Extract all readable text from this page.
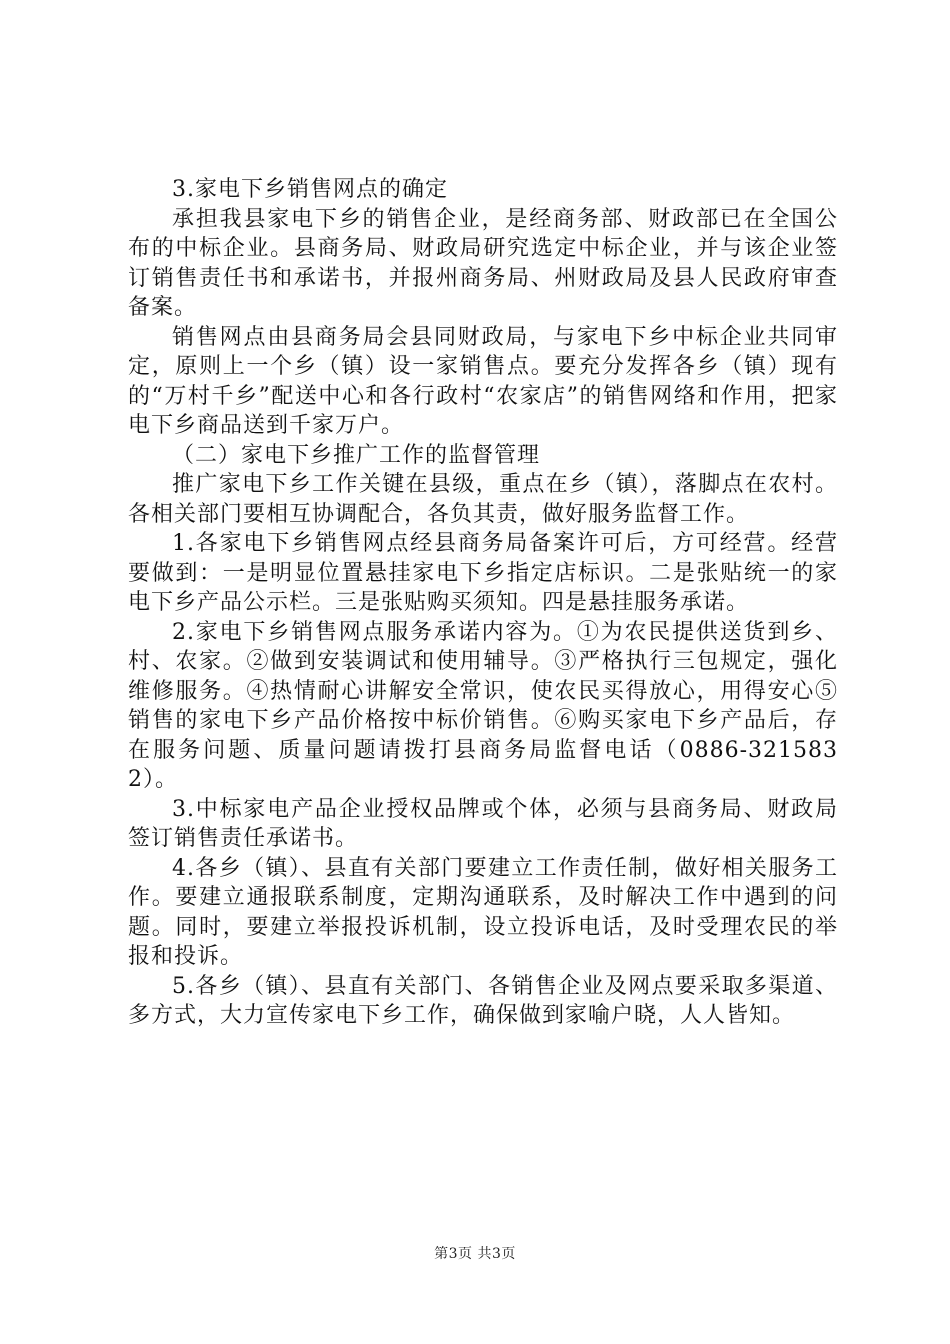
3.家电下乡销售网点的确定

承担我县家电下乡的销售企业，是经商务部、财政部已在全国公布的中标企业。县商务局、财政局研究选定中标企业，并与该企业签订销售责任书和承诺书，并报州商务局、州财政局及县人民政府审查备案。

销售网点由县商务局会县同财政局，与家电下乡中标企业共同审定，原则上一个乡（镇）设一家销售点。要充分发挥各乡（镇）现有的“万村千乡”配送中心和各行政村“农家店”的销售网络和作用，把家电下乡商品送到千家万户。

（二）家电下乡推广工作的监督管理

推广家电下乡工作关键在县级，重点在乡（镇），落脚点在农村。各相关部门要相互协调配合，各负其责，做好服务监督工作。

1.各家电下乡销售网点经县商务局备案许可后，方可经营。经营要做到：一是明显位置悬挂家电下乡指定店标识。二是张贴统一的家电下乡产品公示栏。三是张贴购买须知。四是悬挂服务承诺。

2.家电下乡销售网点服务承诺内容为。①为农民提供送货到乡、村、农家。②做到安装调试和使用辅导。③严格执行三包规定，强化维修服务。④热情耐心讲解安全常识，使农民买得放心，用得安心⑤销售的家电下乡产品价格按中标价销售。⑥购买家电下乡产品后，存在服务问题、质量问题请拨打县商务局监督电话（0886-3215832）。

3.中标家电产品企业授权品牌或个体，必须与县商务局、财政局签订销售责任承诺书。

4.各乡（镇）、县直有关部门要建立工作责任制，做好相关服务工作。要建立通报联系制度，定期沟通联系，及时解决工作中遇到的问题。同时，要建立举报投诉机制，设立投诉电话，及时受理农民的举报和投诉。

5.各乡（镇）、县直有关部门、各销售企业及网点要采取多渠道、多方式，大力宣传家电下乡工作，确保做到家喻户晓，人人皆知。

第3页 共3页
